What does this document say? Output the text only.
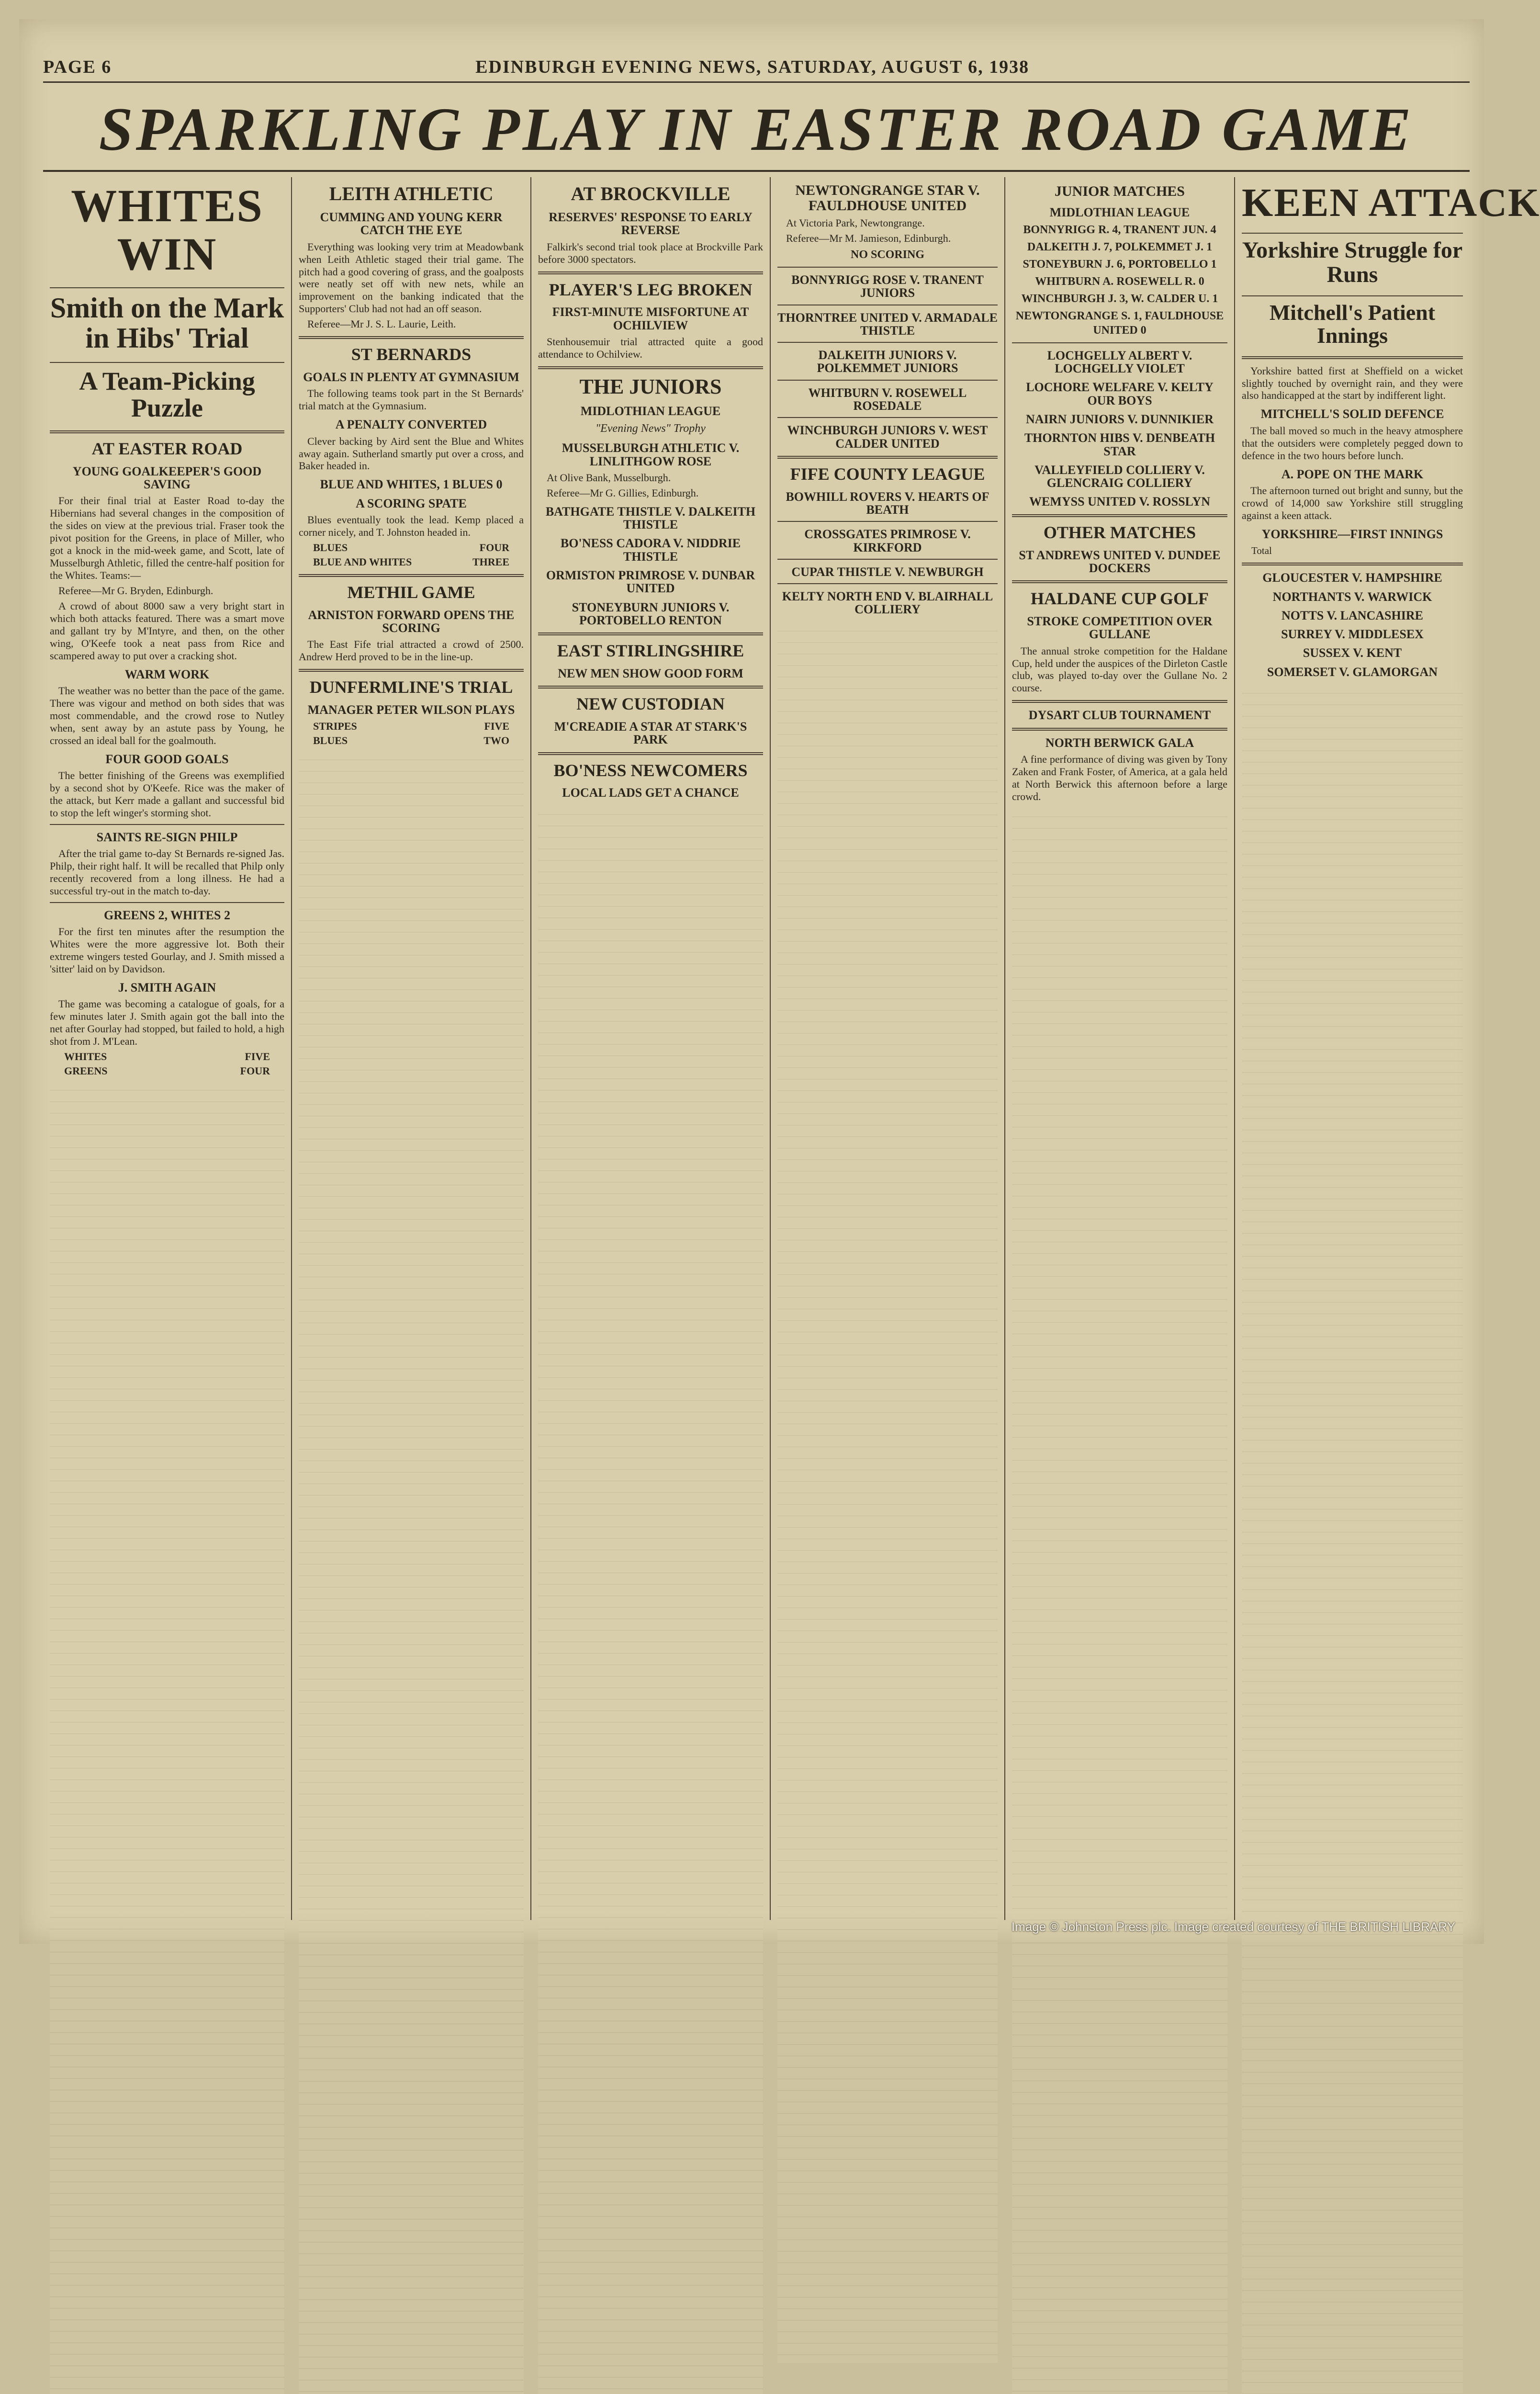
PAGE 6	EDINBURGH EVENING NEWS, SATURDAY, AUGUST 6, 1938
SPARKLING PLAY IN EASTER ROAD GAME
WHITES WIN
Smith on the Mark in Hibs' Trial
A Team-Picking Puzzle
AT EASTER ROAD
YOUNG GOALKEEPER'S GOOD SAVING

For their final trial at Easter Road to-day the Hibernians had several changes in the composition of the sides on view at the previous trial. Fraser took the pivot position for the Greens, in place of Miller, who got a knock in the mid-week game, and Scott, late of Musselburgh Athletic, filled the centre-half position for the Whites. Teams:—

Referee—Mr G. Bryden, Edinburgh.

A crowd of about 8000 saw a very bright start in which both attacks featured. There was a smart move and gallant try by M'Intyre, and then, on the other wing, O'Keefe took a neat pass from Rice and scampered away to put over a cracking shot.

WARM WORK

The weather was no better than the pace of the game. There was vigour and method on both sides that was most commendable, and the crowd rose to Nutley when, sent away by an astute pass by Young, he crossed an ideal ball for the goalmouth.

FOUR GOOD GOALS

The better finishing of the Greens was exemplified by a second shot by O'Keefe. Rice was the maker of the attack, but Kerr made a gallant and successful bid to stop the left winger's storming shot.

SAINTS RE-SIGN PHILP

After the trial game to-day St Bernards re-signed Jas. Philp, their right half. It will be recalled that Philp only recently recovered from a long illness. He had a successful try-out in the match to-day.

GREENS 2, WHITES 2

For the first ten minutes after the resumption the Whites were the more aggressive lot. Both their extreme wingers tested Gourlay, and J. Smith missed a 'sitter' laid on by Davidson.

J. SMITH AGAIN

The game was becoming a catalogue of goals, for a few minutes later J. Smith again got the ball into the net after Gourlay had stopped, but failed to hold, a high shot from J. M'Lean.

WHITES	FIVE
GREENS	FOUR
LEITH ATHLETIC
CUMMING AND YOUNG KERR CATCH THE EYE

Everything was looking very trim at Meadowbank when Leith Athletic staged their trial game. The pitch had a good covering of grass, and the goalposts were neatly set off with new nets, while an improvement on the banking indicated that the Supporters' Club had not had an off season.

Referee—Mr J. S. L. Laurie, Leith.

ST BERNARDS
GOALS IN PLENTY AT GYMNASIUM

The following teams took part in the St Bernards' trial match at the Gymnasium.

A PENALTY CONVERTED

Clever backing by Aird sent the Blue and Whites away again. Sutherland smartly put over a cross, and Baker headed in.

BLUE AND WHITES, 1 BLUES 0
A SCORING SPATE

Blues eventually took the lead. Kemp placed a corner nicely, and T. Johnston headed in.

BLUES	FOUR
BLUE AND WHITES	THREE
METHIL GAME
ARNISTON FORWARD OPENS THE SCORING

The East Fife trial attracted a crowd of 2500. Andrew Herd proved to be in the line-up.

DUNFERMLINE'S TRIAL
MANAGER PETER WILSON PLAYS
STRIPES	FIVE
BLUES	TWO
AT BROCKVILLE
RESERVES' RESPONSE TO EARLY REVERSE

Falkirk's second trial took place at Brockville Park before 3000 spectators.

PLAYER'S LEG BROKEN
FIRST-MINUTE MISFORTUNE AT OCHILVIEW

Stenhousemuir trial attracted quite a good attendance to Ochilview.

THE JUNIORS
MIDLOTHIAN LEAGUE
"Evening News" Trophy
MUSSELBURGH ATHLETIC V. LINLITHGOW ROSE

At Olive Bank, Musselburgh.

Referee—Mr G. Gillies, Edinburgh.

BATHGATE THISTLE V. DALKEITH THISTLE
BO'NESS CADORA V. NIDDRIE THISTLE
ORMISTON PRIMROSE V. DUNBAR UNITED
STONEYBURN JUNIORS V. PORTOBELLO RENTON
EAST STIRLINGSHIRE
NEW MEN SHOW GOOD FORM
NEW CUSTODIAN
M'CREADIE A STAR AT STARK'S PARK
BO'NESS NEWCOMERS
LOCAL LADS GET A CHANCE
NEWTONGRANGE STAR V. FAULDHOUSE UNITED

At Victoria Park, Newtongrange.

Referee—Mr M. Jamieson, Edinburgh.

NO SCORING
BONNYRIGG ROSE V. TRANENT JUNIORS
THORNTREE UNITED V. ARMADALE THISTLE
DALKEITH JUNIORS V. POLKEMMET JUNIORS
WHITBURN V. ROSEWELL ROSEDALE
WINCHBURGH JUNIORS V. WEST CALDER UNITED
FIFE COUNTY LEAGUE
BOWHILL ROVERS V. HEARTS OF BEATH
CROSSGATES PRIMROSE V. KIRKFORD
CUPAR THISTLE V. NEWBURGH
KELTY NORTH END V. BLAIRHALL COLLIERY
JUNIOR MATCHES
MIDLOTHIAN LEAGUE
BONNYRIGG R. 4, TRANENT JUN. 4
DALKEITH J. 7, POLKEMMET J. 1
STONEYBURN J. 6, PORTOBELLO 1
WHITBURN A. ROSEWELL R. 0
WINCHBURGH J. 3, W. CALDER U. 1
NEWTONGRANGE S. 1, FAULDHOUSE UNITED 0
LOCHGELLY ALBERT V. LOCHGELLY VIOLET
LOCHORE WELFARE V. KELTY OUR BOYS
NAIRN JUNIORS V. DUNNIKIER
THORNTON HIBS V. DENBEATH STAR
VALLEYFIELD COLLIERY V. GLENCRAIG COLLIERY
WEMYSS UNITED V. ROSSLYN
OTHER MATCHES
ST ANDREWS UNITED V. DUNDEE DOCKERS
HALDANE CUP GOLF
STROKE COMPETITION OVER GULLANE

The annual stroke competition for the Haldane Cup, held under the auspices of the Dirleton Castle club, was played to-day over the Gullane No. 2 course.

DYSART CLUB TOURNAMENT
NORTH BERWICK GALA

A fine performance of diving was given by Tony Zaken and Frank Foster, of America, at a gala held at North Berwick this afternoon before a large crowd.

KEEN ATTACK
Yorkshire Struggle for Runs
Mitchell's Patient Innings

Yorkshire batted first at Sheffield on a wicket slightly touched by overnight rain, and they were also handicapped at the start by indifferent light.

MITCHELL'S SOLID DEFENCE

The ball moved so much in the heavy atmosphere that the outsiders were completely pegged down to defence in the two hours before lunch.

A. POPE ON THE MARK

The afternoon turned out bright and sunny, but the crowd of 14,000 saw Yorkshire still struggling against a keen attack.

YORKSHIRE—FIRST INNINGS
Total
GLOUCESTER V. HAMPSHIRE
NORTHANTS V. WARWICK
NOTTS V. LANCASHIRE
SURREY V. MIDDLESEX
SUSSEX V. KENT
SOMERSET V. GLAMORGAN
Image © Johnston Press plc. Image created courtesy of THE BRITISH LIBRARY
